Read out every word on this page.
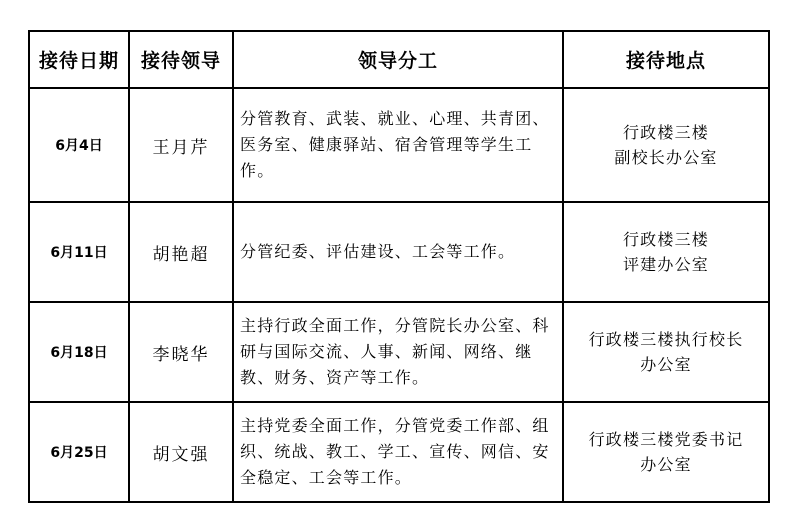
接待日期	接待领导	领导分工	接待地点
6月4日	王月芹	分管教育、武装、就业、心理、共青团、医务室、健康驿站、宿舍管理等学生工作。	行政楼三楼
副校长办公室

6月11日	胡艳超	分管纪委、评估建设、工会等工作。	行政楼三楼
评建办公室

6月18日	李晓华	主持行政全面工作，分管院长办公室、科研与国际交流、人事、新闻、网络、继教、财务、资产等工作。	行政楼三楼执行校长
办公室

6月25日	胡文强	主持党委全面工作，分管党委工作部、组织、统战、教工、学工、宣传、网信、安全稳定、工会等工作。	行政楼三楼党委书记
办公室
